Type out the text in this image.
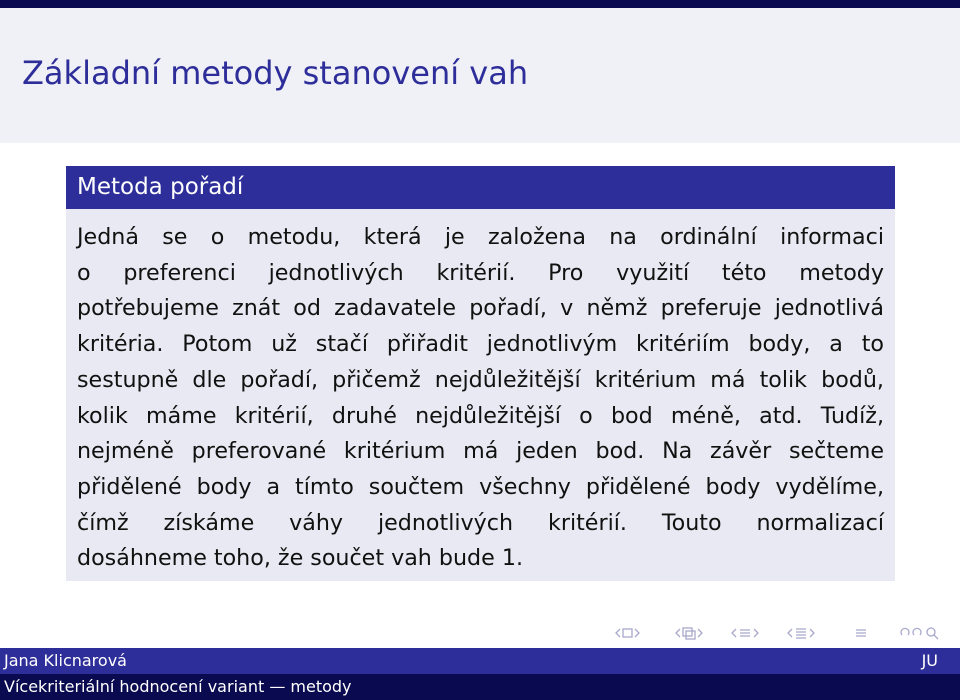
Základní metody stanovení vah
Metoda pořadí
Jedná se o metodu, která je založena na ordinální informaci
o preferenci jednotlivých kritérií. Pro využití této metody
potřebujeme znát od zadavatele pořadí, v němž preferuje jednotlivá
kritéria. Potom už stačí přiřadit jednotlivým kritériím body, a to
sestupně dle pořadí, přičemž nejdůležitější kritérium má tolik bodů,
kolik máme kritérií, druhé nejdůležitější o bod méně, atd. Tudíž,
nejméně preferované kritérium má jeden bod. Na závěr sečteme
přidělené body a tímto součtem všechny přidělené body vydělíme,
čímž získáme váhy jednotlivých kritérií. Touto normalizací
dosáhneme toho, že součet vah bude 1.
Jana Klicnarová	JU
Vícekriteriální hodnocení variant — metody
